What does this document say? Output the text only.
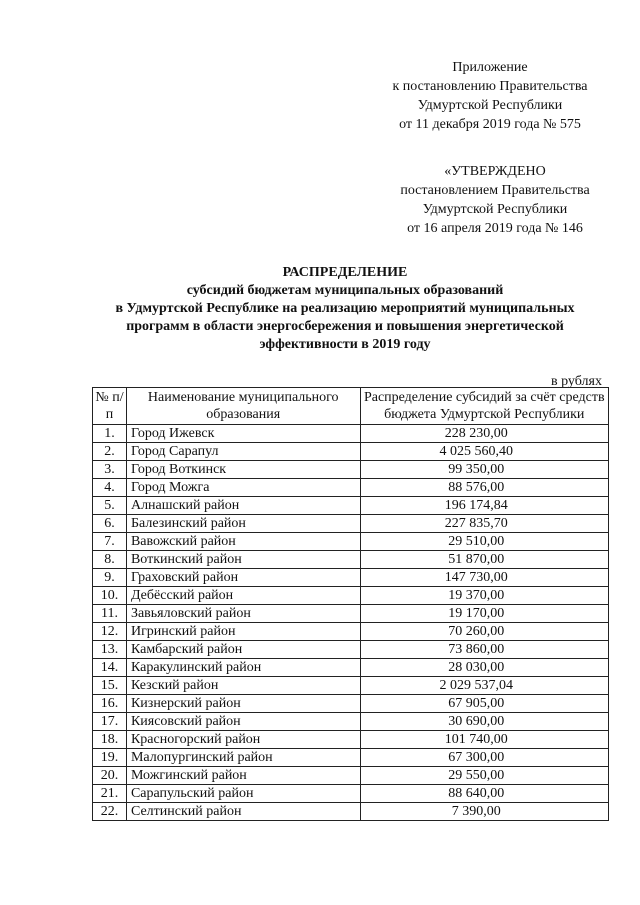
Приложение
к постановлению Правительства
Удмуртской Республики
от 11 декабря 2019 года № 575
«УТВЕРЖДЕНО
постановлением Правительства
Удмуртской Республики
от 16 апреля 2019 года № 146
РАСПРЕДЕЛЕНИЕ
субсидий бюджетам муниципальных образований
в Удмуртской Республике на реализацию мероприятий муниципальных
программ в области энергосбережения и повышения энергетической
эффективности в 2019 году
в рублях
№ п/п	Наименование муниципального образования	Распределение субсидий за счёт средств бюджета Удмуртской Республики
1.	Город Ижевск	228 230,00
2.	Город Сарапул	4 025 560,40
3.	Город Воткинск	99 350,00
4.	Город Можга	88 576,00
5.	Алнашский район	196 174,84
6.	Балезинский район	227 835,70
7.	Вавожский район	29 510,00
8.	Воткинский район	51 870,00
9.	Граховский район	147 730,00
10.	Дебёсский район	19 370,00
11.	Завьяловский район	19 170,00
12.	Игринский район	70 260,00
13.	Камбарский район	73 860,00
14.	Каракулинский район	28 030,00
15.	Кезский район	2 029 537,04
16.	Кизнерский район	67 905,00
17.	Киясовский район	30 690,00
18.	Красногорский район	101 740,00
19.	Малопургинский район	67 300,00
20.	Можгинский район	29 550,00
21.	Сарапульский район	88 640,00
22.	Селтинский район	7 390,00
